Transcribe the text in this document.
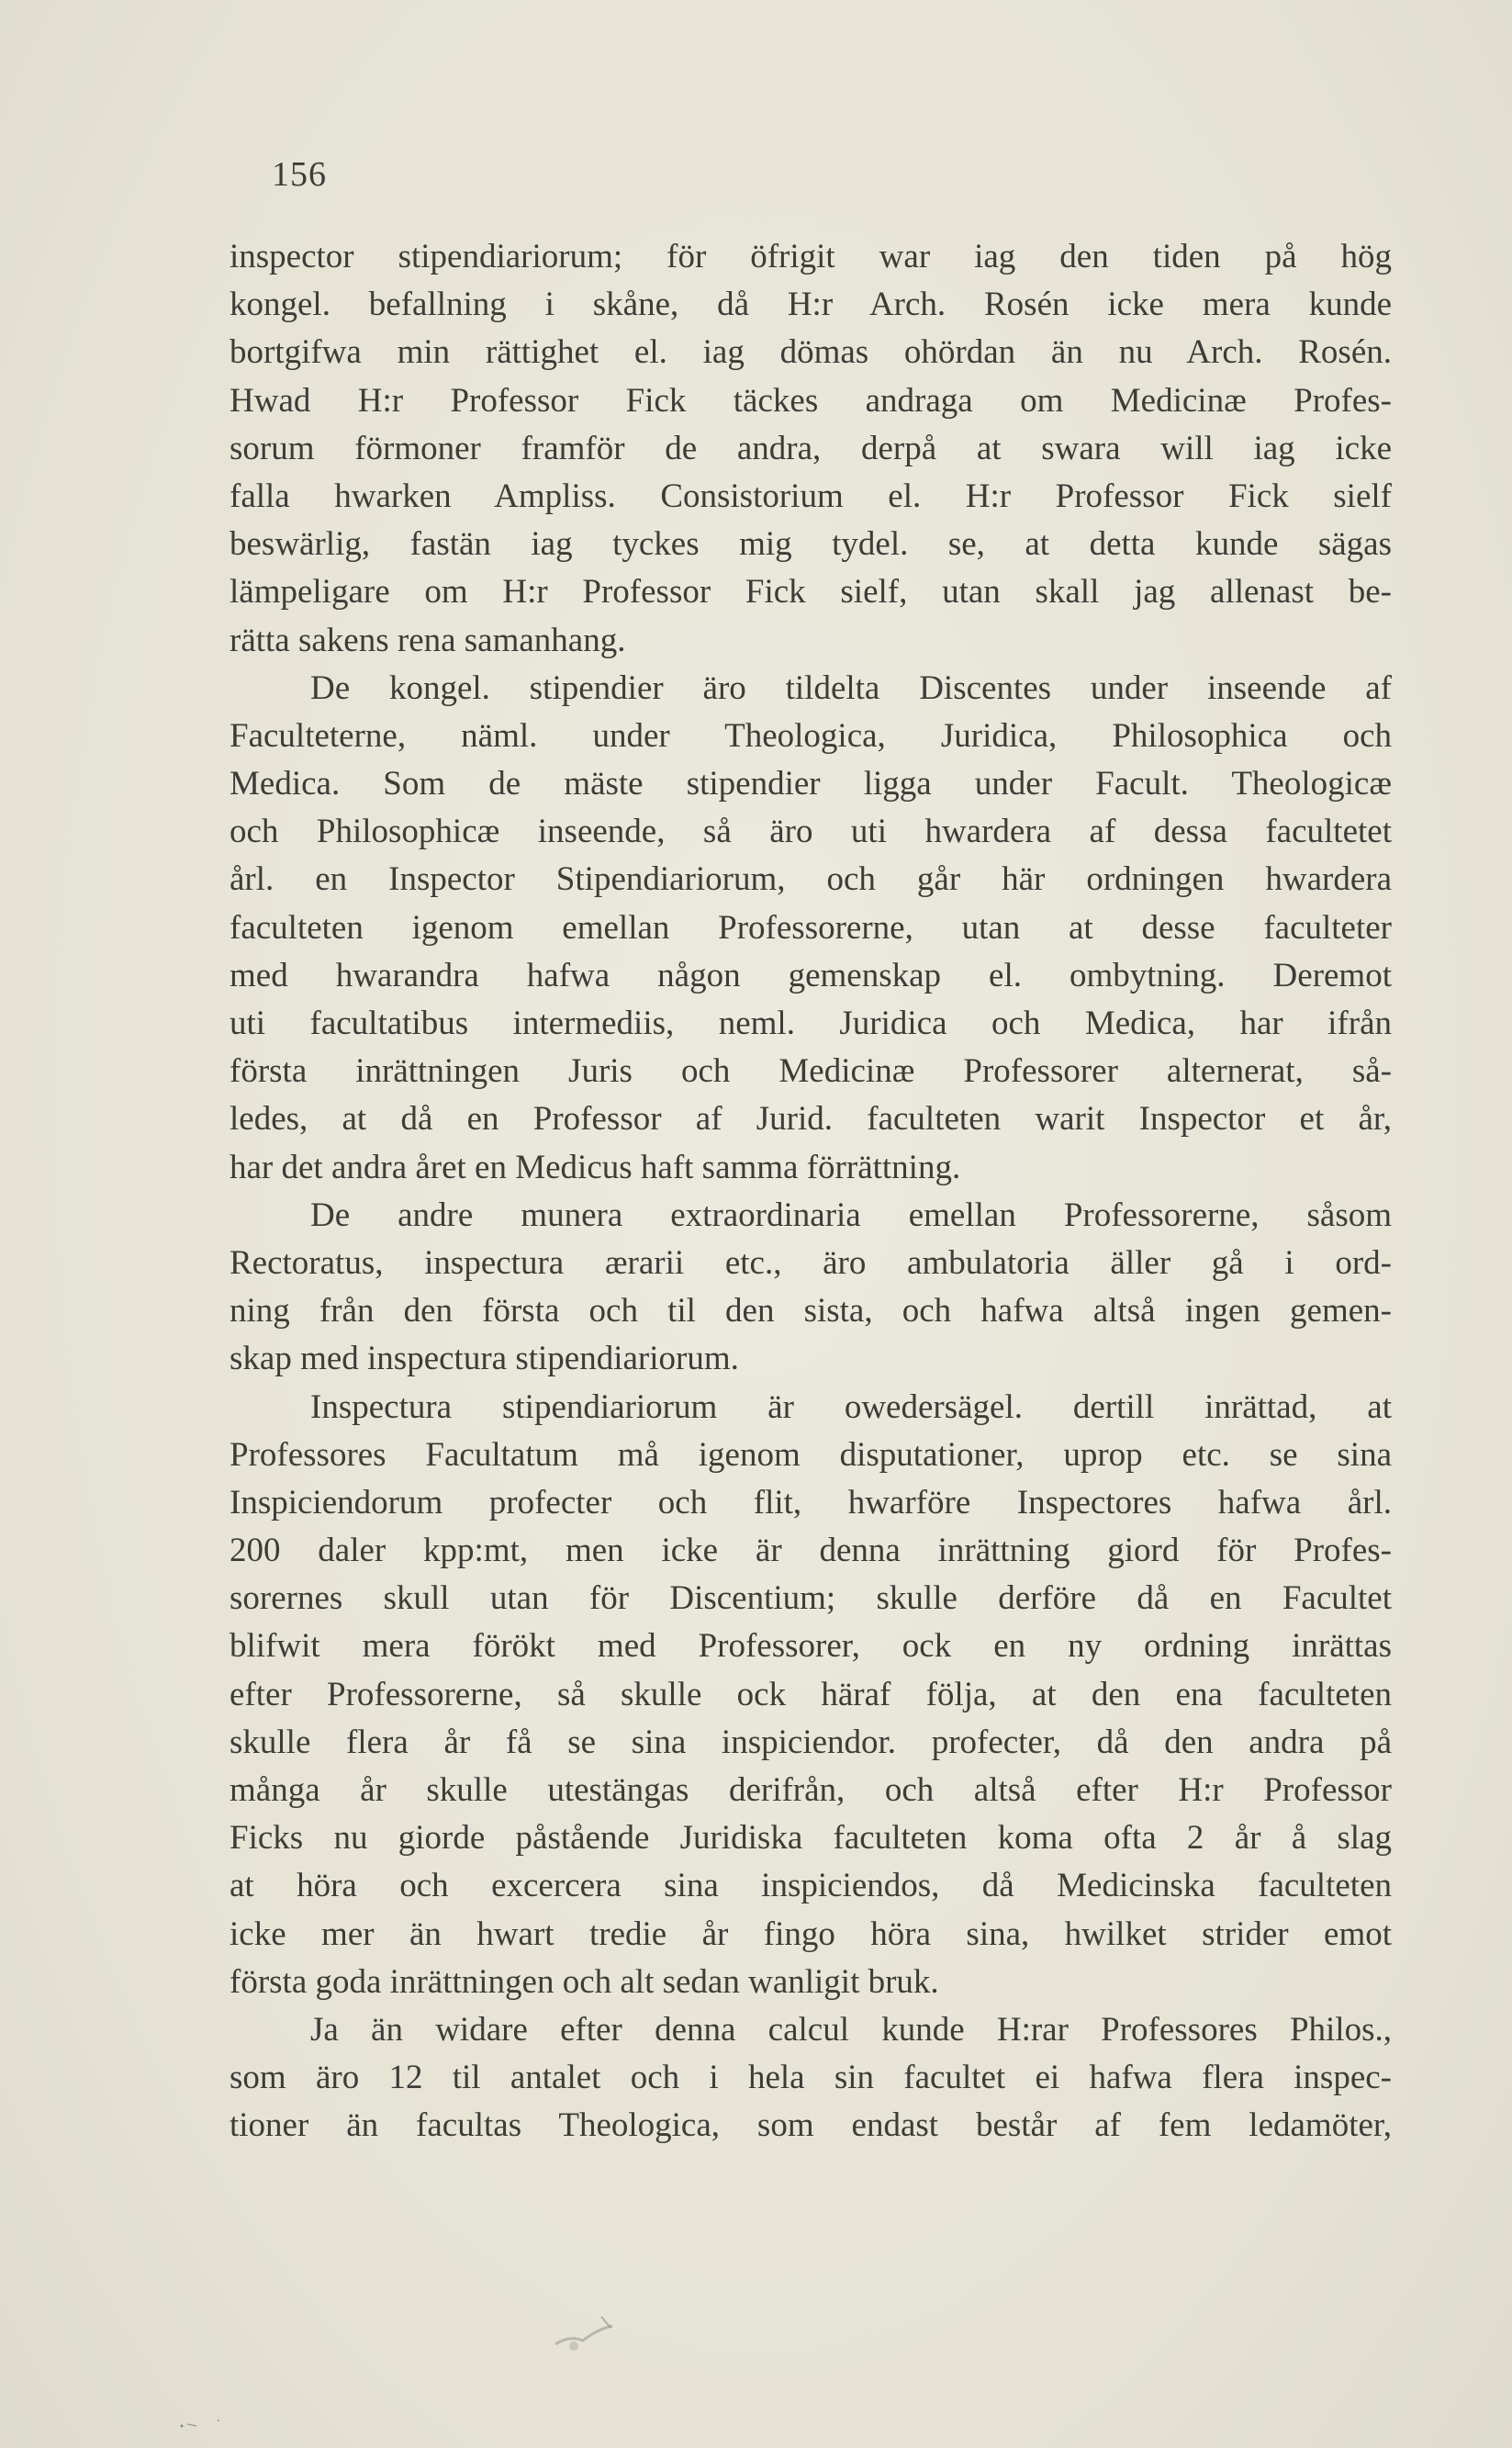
156
inspector stipendiariorum; för öfrigit war iag den tiden på hög
kongel. befallning i skåne, då H:r Arch. Rosén icke mera kunde
bortgifwa min rättighet el. iag dömas ohördan än nu Arch. Rosén.
Hwad H:r Professor Fick täckes andraga om Medicinæ Profes-
sorum förmoner framför de andra, derpå at swara will iag icke
falla hwarken Ampliss. Consistorium el. H:r Professor Fick sielf
beswärlig, fastän iag tyckes mig tydel. se, at detta kunde sägas
lämpeligare om H:r Professor Fick sielf, utan skall jag allenast be-
rätta sakens rena samanhang.
De kongel. stipendier äro tildelta Discentes under inseende af
Faculteterne, näml. under Theologica, Juridica, Philosophica och
Medica. Som de mäste stipendier ligga under Facult. Theologicæ
och Philosophicæ inseende, så äro uti hwardera af dessa facultetet
årl. en Inspector Stipendiariorum, och går här ordningen hwardera
faculteten igenom emellan Professorerne, utan at desse faculteter
med hwarandra hafwa någon gemenskap el. ombytning. Deremot
uti facultatibus intermediis, neml. Juridica och Medica, har ifrån
första inrättningen Juris och Medicinæ Professorer alternerat, så-
ledes, at då en Professor af Jurid. faculteten warit Inspector et år,
har det andra året en Medicus haft samma förrättning.
De andre munera extraordinaria emellan Professorerne, såsom
Rectoratus, inspectura ærarii etc., äro ambulatoria äller gå i ord-
ning från den första och til den sista, och hafwa altså ingen gemen-
skap med inspectura stipendiariorum.
Inspectura stipendiariorum är owedersägel. dertill inrättad, at
Professores Facultatum må igenom disputationer, uprop etc. se sina
Inspiciendorum profecter och flit, hwarföre Inspectores hafwa årl.
200 daler kpp:mt, men icke är denna inrättning giord för Profes-
sorernes skull utan för Discentium; skulle derföre då en Facultet
blifwit mera förökt med Professorer, ock en ny ordning inrättas
efter Professorerne, så skulle ock häraf följa, at den ena faculteten
skulle flera år få se sina inspiciendor. profecter, då den andra på
många år skulle utestängas derifrån, och altså efter H:r Professor
Ficks nu giorde påstående Juridiska faculteten koma ofta 2 år å slag
at höra och excercera sina inspiciendos, då Medicinska faculteten
icke mer än hwart tredie år fingo höra sina, hwilket strider emot
första goda inrättningen och alt sedan wanligit bruk.
Ja än widare efter denna calcul kunde H:rar Professores Philos.,
som äro 12 til antalet och i hela sin facultet ei hafwa flera inspec-
tioner än facultas Theologica, som endast består af fem ledamöter,
